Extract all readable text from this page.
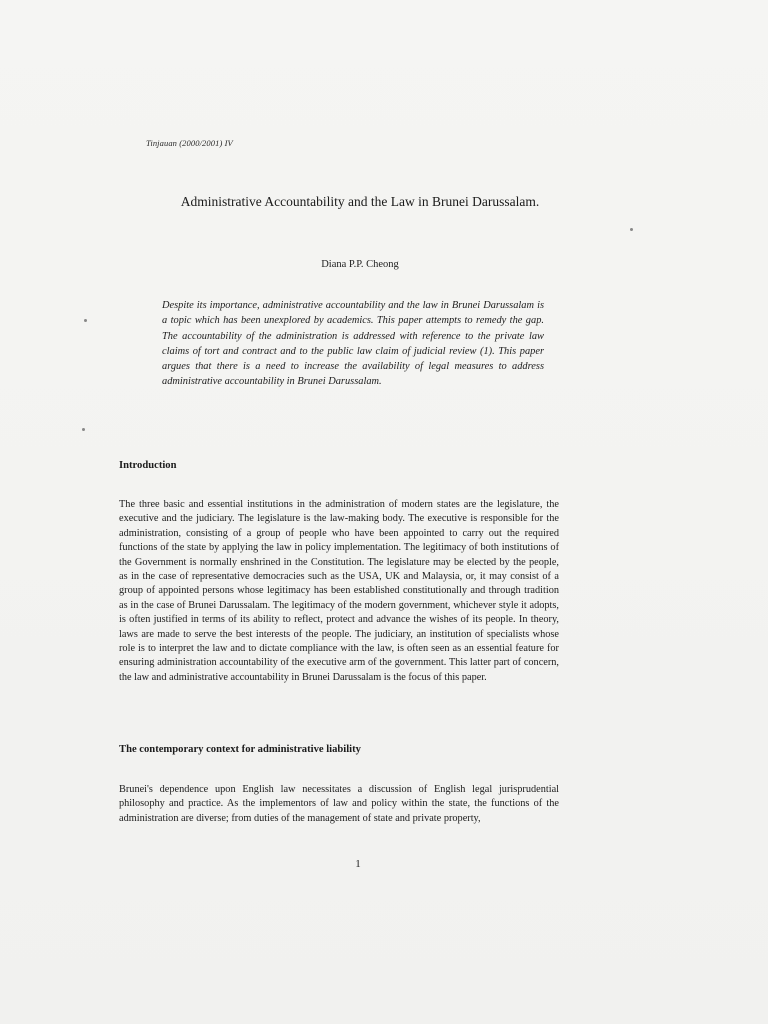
Tinjauan (2000/2001) IV
Administrative Accountability and the Law in Brunei Darussalam.
Diana P.P. Cheong

Despite its importance, administrative accountability and the law in Brunei Darussalam is a topic which has been unexplored by academics. This paper attempts to remedy the gap. The accountability of the administration is addressed with reference to the private law claims of tort and contract and to the public law claim of judicial review (1). This paper argues that there is a need to increase the availability of legal measures to address administrative accountability in Brunei Darussalam.

Introduction

The three basic and essential institutions in the administration of modern states are the legislature, the executive and the judiciary. The legislature is the law-making body. The executive is responsible for the administration, consisting of a group of people who have been appointed to carry out the required functions of the state by applying the law in policy implementation. The legitimacy of both institutions of the Government is normally enshrined in the Constitution. The legislature may be elected by the people, as in the case of representative democracies such as the USA, UK and Malaysia, or, it may consist of a group of appointed persons whose legitimacy has been established constitutionally and through tradition as in the case of Brunei Darussalam. The legitimacy of the modern government, whichever style it adopts, is often justified in terms of its ability to reflect, protect and advance the wishes of its people. In theory, laws are made to serve the best interests of the people. The judiciary, an institution of specialists whose role is to interpret the law and to dictate compliance with the law, is often seen as an essential feature for ensuring administration accountability of the executive arm of the government. This latter part of concern, the law and administrative accountability in Brunei Darussalam is the focus of this paper.

The contemporary context for administrative liability

Brunei's dependence upon English law necessitates a discussion of English legal jurisprudential philosophy and practice. As the implementors of law and policy within the state, the functions of the administration are diverse; from duties of the management of state and private property,

1
